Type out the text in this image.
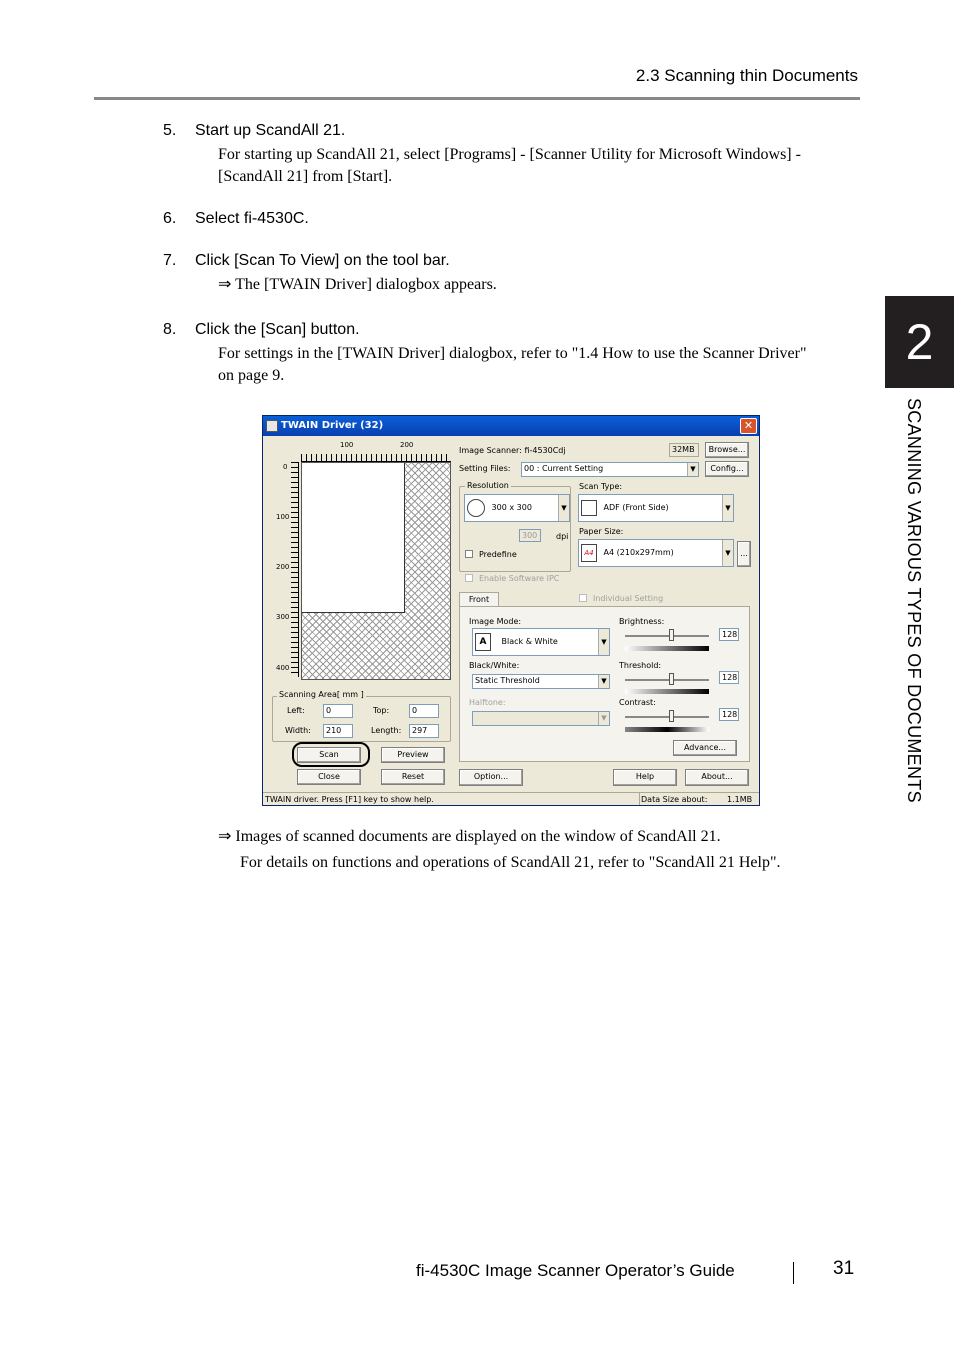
2.3 Scanning thin Documents
5. Start up ScandAll 21.
For starting up ScandAll 21, select [Programs] - [Scanner Utility for Microsoft Windows] - [ScandAll 21] from [Start].
6. Select fi-4530C.
7. Click [Scan To View] on the tool bar.
⇒ The [TWAIN Driver] dialogbox appears.
8. Click the [Scan] button.
For settings in the [TWAIN Driver] dialogbox, refer to "1.4 How to use the Scanner Driver" on page 9.
TWAIN Driver (32)	✕
100	200
0
100
200
300
400
Scanning Area[ mm ]
Left:	0	Top:	0
Width:	210	Length:	297
Scan	Preview
Close	Reset
Image Scanner: fi-4530Cdj	32MB	Browse...
Setting Files:	00 : Current Setting	▼	Config...
Resolution
300 x 300	▼
300	dpi
Predefine
Scan Type:
ADF (Front Side)	▼
Paper Size:
A4 A4 (210x297mm)	▼	...
Enable Software IPC
Front	Individual Setting
Image Mode:
A Black & White	▼
Brightness:
128
Black/White:
Static Threshold	▼
Threshold:
128
Halftone:
▼
Contrast:
128
Advance...
Option...	Help	About...
TWAIN driver. Press [F1] key to show help.	Data Size about: 1.1MB
⇒ Images of scanned documents are displayed on the window of ScandAll 21.
For details on functions and operations of ScandAll 21, refer to "ScandAll 21 Help".
2
SCANNING VARIOUS TYPES OF DOCUMENTS
fi-4530C Image Scanner Operator’s Guide	31
